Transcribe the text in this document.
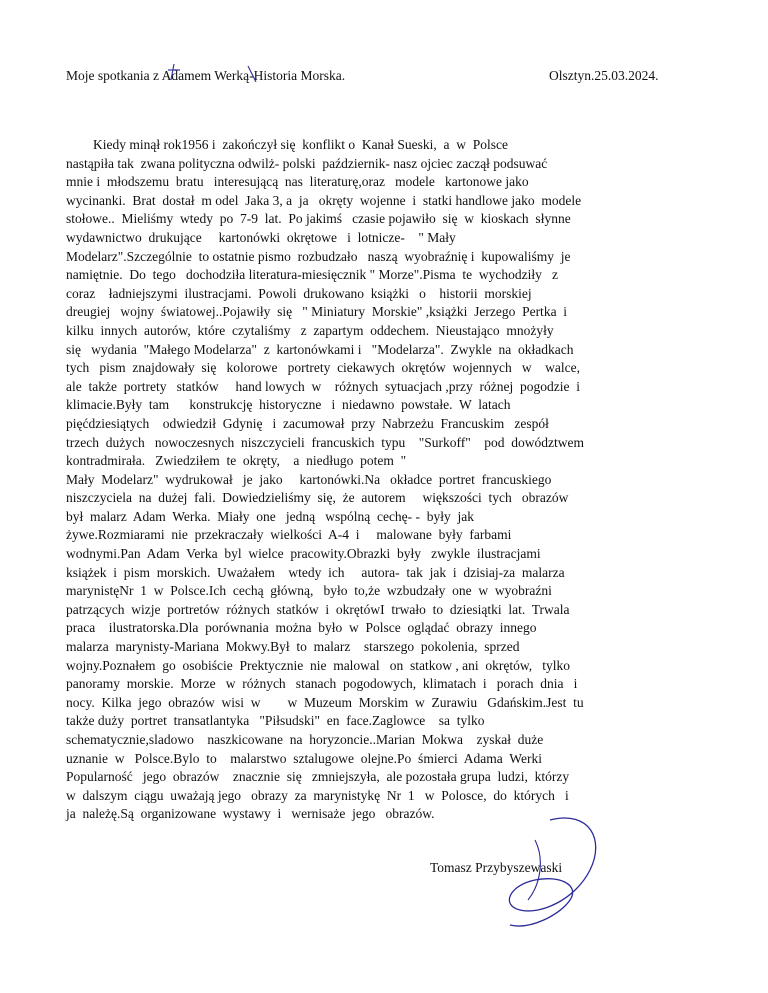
Moje spotkania z Adamem Werką-Historia Morska.	Olsztyn.25.03.2024.
Kiedy minął rok1956 i  zakończył się  konflikt o  Kanał Sueski,  a  w  Polsce
nastąpiła tak  zwana polityczna odwilż- polski  październik- nasz ojciec zaczął podsuwać
mnie i  młodszemu  bratu   interesującą  nas  literaturę,oraz   modele   kartonowe jako
wycinanki.  Brat  dostał  m odel  Jaka 3, a  ja   okręty  wojenne  i  statki handlowe jako  modele
stołowe..  Mieliśmy  wtedy  po  7-9  lat.  Po jakimś   czasie pojawiło  się  w  kioskach  słynne
wydawnictwo  drukujące     kartonówki  okrętowe   i  lotnicze-    " Mały
Modelarz".Szczególnie  to ostatnie pismo  rozbudzało   naszą  wyobraźnię i  kupowaliśmy  je
namiętnie.  Do  tego   dochodziła literatura-miesięcznik " Morze".Pisma  te  wychodziły   z
coraz    ładniejszymi  ilustracjami.  Powoli  drukowano  książki   o    historii  morskiej
dreugiej   wojny  światowej..Pojawiły  się   " Miniatury  Morskie" ,książki  Jerzego  Pertka  i
kilku  innych  autorów,  które  czytaliśmy   z  zapartym  oddechem.  Nieustająco  mnożyły
się   wydania  "Małego Modelarza"  z  kartonówkami i   "Modelarza".  Zwykle  na  okładkach
tych   pism  znajdowały  się   kolorowe   portrety  ciekawych  okrętów  wojennych   w    walce,
ale  także  portrety   statków     hand lowych  w    różnych  sytuacjach ,przy  różnej  pogodzie  i
klimacie.Były  tam      konstrukcję  historyczne   i  niedawno  powstałe.  W  latach
pięćdziesiątych    odwiedził  Gdynię   i  zacumował  przy  Nabrzeżu  Francuskim   zespół
trzech  dużych   nowoczesnych  niszczycieli  francuskich  typu    "Surkoff"    pod  dowództwem
kontradmirała.   Zwiedziłem  te  okręty,    a  niedługo  potem  "
Mały  Modelarz"  wydrukował   je  jako     kartonówki.Na   okładce  portret  francuskiego
niszczyciela  na  dużej  fali.  Dowiedzieliśmy  się,  że  autorem     większości  tych   obrazów
był  malarz  Adam  Werka.  Miały  one   jedną   wspólną  cechę- -  były  jak
żywe.Rozmiarami  nie  przekraczały  wielkości  A-4  i     malowane  były  farbami
wodnymi.Pan  Adam  Verka  byl  wielce  pracowity.Obrazki  były   zwykle  ilustracjami
książek  i  pism  morskich.  Uważałem    wtedy  ich     autora-  tak  jak  i  dzisiaj-za  malarza
marynistęNr  1  w  Polsce.Ich  cechą  główną,   było  to,że  wzbudzały  one  w  wyobraźni
patrzących  wizje  portretów  różnych  statków  i  okrętówI  trwało  to  dziesiątki  lat.  Trwala
praca    ilustratorska.Dla  porównania  można  było  w  Polsce  oglądać  obrazy  innego
malarza  marynisty-Mariana  Mokwy.Był  to  malarz    starszego  pokolenia,  sprzed
wojny.Poznałem  go  osobiście  Prektycznie  nie  malowal   on  statkow , ani  okrętów,   tylko
panoramy  morskie.  Morze   w  różnych   stanach  pogodowych,  klimatach  i   porach  dnia   i
nocy.  Kilka  jego  obrazów  wisi  w        w  Muzeum  Morskim  w  Zurawiu   Gdańskim.Jest  tu
także duży  portret  transatlantyka   "Piłsudski"  en  face.Zaglowce    sa  tylko
schematycznie,sladowo    naszkicowane  na  horyzoncie..Marian  Mokwa    zyskał  duże
uznanie  w   Polsce.Bylo  to    malarstwo  sztalugowe  olejne.Po  śmierci  Adama  Werki
Popularność   jego  obrazów    znacznie  się   zmniejszyła,  ale pozostała grupa  ludzi,  którzy
w  dalszym  ciągu  uważają jego   obrazy  za  marynistykę  Nr  1   w  Polosce,  do  których   i
ja  należę.Są  organizowane  wystawy  i   wernisaże  jego   obrazów.
Tomasz Przybyszewaski
